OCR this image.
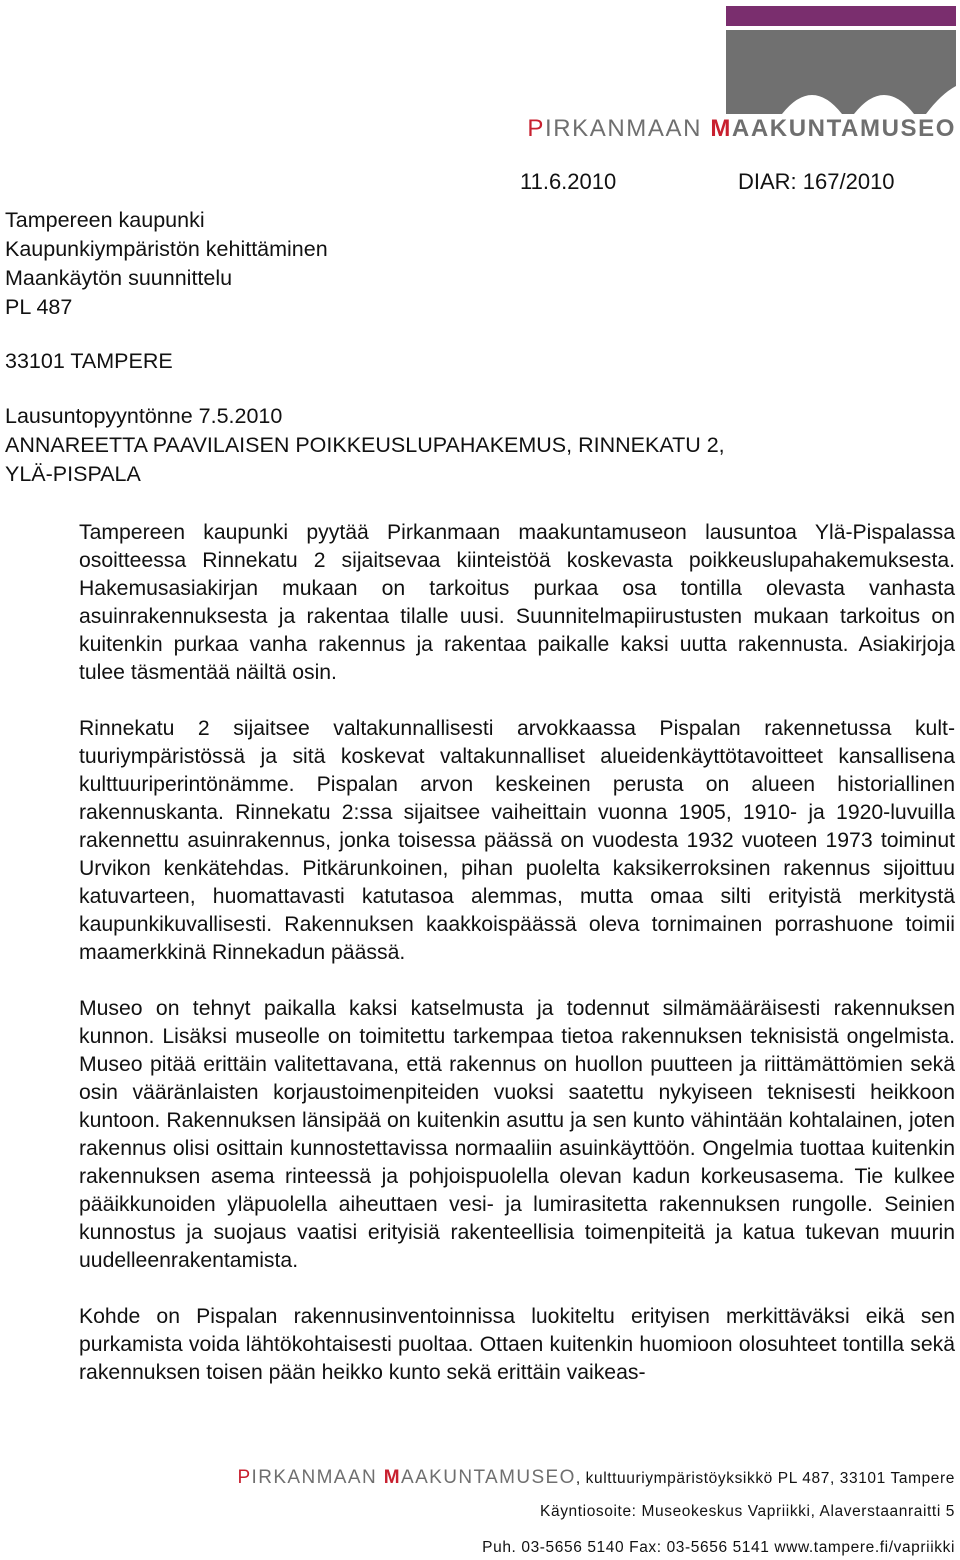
PIRKANMAAN MAAKUNTAMUSEO
11.6.2010	DIAR: 167/2010
Tampereen kaupunki
Kaupunkiympäristön kehittäminen
Maankäytön suunnittelu
PL 487
33101 TAMPERE
Lausuntopyyntönne 7.5.2010
ANNAREETTA PAAVILAISEN POIKKEUSLUPAHAKEMUS, RINNEKATU 2,
YLÄ-PISPALA

Tampereen kaupunki pyytää Pirkanmaan maakuntamuseon lausuntoa Ylä-Pispalassa osoitteessa Rinnekatu 2 sijaitsevaa kiinteistöä koskevasta poikkeuslupahakemuksesta. Hakemusasiakirjan mukaan on tarkoitus purkaa osa tontilla olevasta vanhasta asuinrakennuksesta ja rakentaa tilalle uusi. Suunnitelmapiirustusten mukaan tarkoitus on kuitenkin purkaa vanha rakennus ja rakentaa paikalle kaksi uutta rakennusta. Asiakirjoja tulee täsmentää näiltä osin.

Rinnekatu 2 sijaitsee valtakunnallisesti arvokkaassa Pispalan rakennetussa kulttuuriympäristössä ja sitä koskevat valtakunnalliset alueidenkäyttötavoitteet kansallisena kulttuuriperintönämme. Pispalan arvon keskeinen perusta on alueen historiallinen rakennuskanta. Rinnekatu 2:ssa sijaitsee vaiheittain vuonna 1905, 1910- ja 1920-luvuilla rakennettu asuinrakennus, jonka toisessa päässä on vuodesta 1932 vuoteen 1973 toiminut Urvikon kenkätehdas. Pitkärunkoinen, pihan puolelta kaksikerroksinen rakennus sijoittuu katuvarteen, huomattavasti katutasoa alemmas, mutta omaa silti erityistä merkitystä kaupunkikuvallisesti. Rakennuksen kaakkoispäässä oleva tornimainen porrashuone toimii maamerkkinä Rinnekadun päässä.

Museo on tehnyt paikalla kaksi katselmusta ja todennut silmämääräisesti rakennuksen kunnon. Lisäksi museolle on toimitettu tarkempaa tietoa rakennuksen teknisistä ongelmista. Museo pitää erittäin valitettavana, että rakennus on huollon puutteen ja riittämättömien sekä osin vääränlaisten korjaustoimenpiteiden vuoksi saatettu nykyiseen teknisesti heikkoon kuntoon. Rakennuksen länsipää on kuitenkin asuttu ja sen kunto vähintään kohtalainen, joten rakennus olisi osittain kunnostettavissa normaaliin asuinkäyttöön. Ongelmia tuottaa kuitenkin rakennuksen asema rinteessä ja pohjoispuolella olevan kadun korkeusasema. Tie kulkee pääikkunoiden yläpuolella aiheuttaen vesi- ja lumirasitetta rakennuksen rungolle. Seinien kunnostus ja suojaus vaatisi erityisiä rakenteellisia toimenpiteitä ja katua tukevan muurin uudelleenrakentamista.

Kohde on Pispalan rakennusinventoinnissa luokiteltu erityisen merkittäväksi eikä sen purkamista voida lähtökohtaisesti puoltaa. Ottaen kuitenkin huomioon olosuhteet tontilla sekä rakennuksen toisen pään heikko kunto sekä erittäin vaikeas-

PIRKANMAAN MAAKUNTAMUSEO, kulttuuriympäristöyksikkö PL 487, 33101 Tampere
Käyntiosoite: Museokeskus Vapriikki, Alaverstaanraitti 5
Puh. 03-5656 5140 Fax: 03-5656 5141 www.tampere.fi/vapriikki
